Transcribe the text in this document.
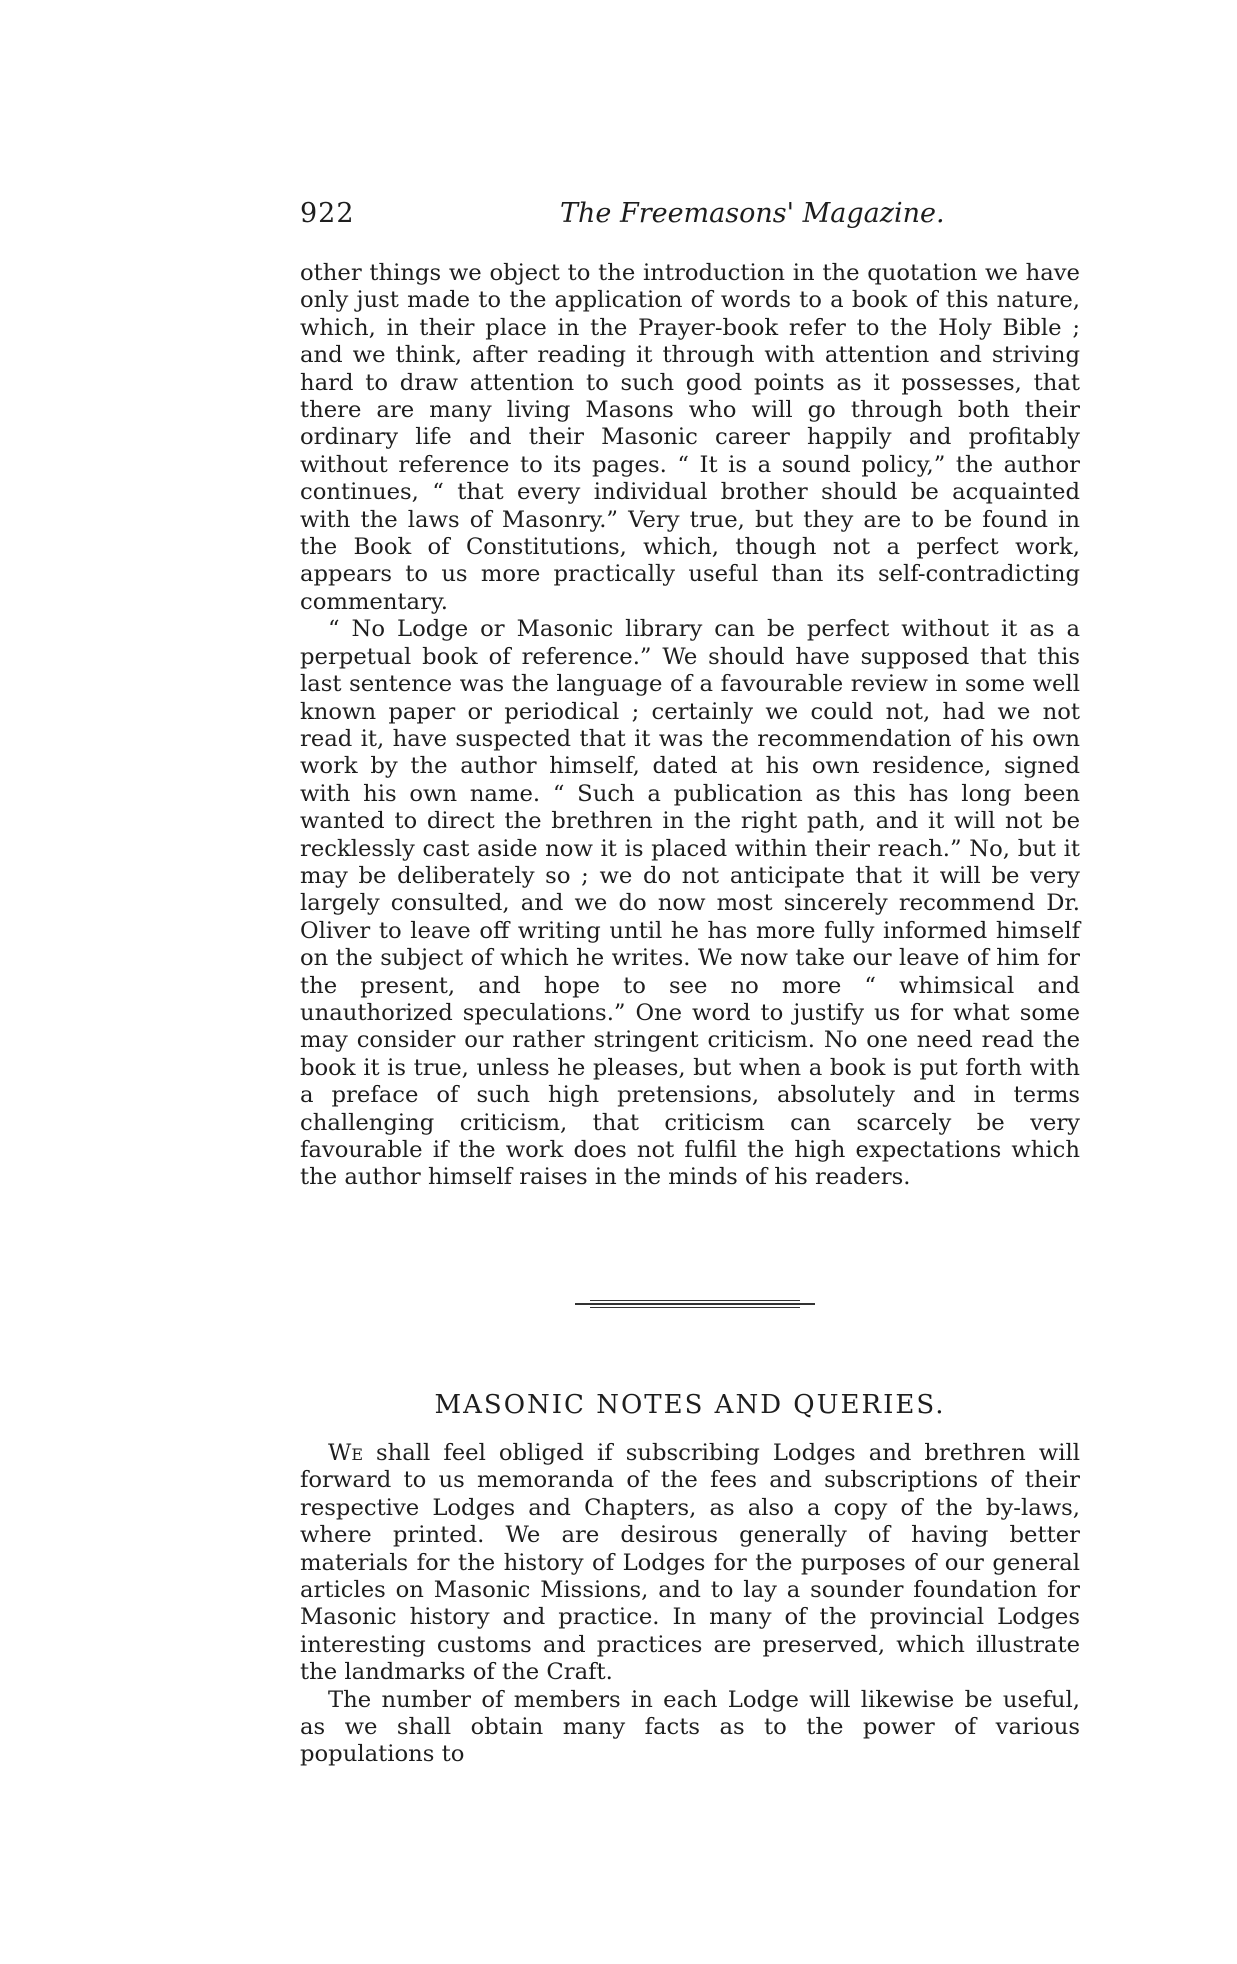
922	The Freemasons' Magazine.

other things we object to the introduction in the quotation we have only just made to the application of words to a book of this nature, which, in their place in the Prayer-book refer to the Holy Bible ; and we think, after reading it through with attention and striving hard to draw attention to such good points as it possesses, that there are many living Masons who will go through both their ordinary life and their Masonic career happily and profitably without reference to its pages. “ It is a sound policy,” the author continues, “ that every individual brother should be acquainted with the laws of Masonry.” Very true, but they are to be found in the Book of Constitutions, which, though not a perfect work, appears to us more practically useful than its self-contradicting commentary.

“ No Lodge or Masonic library can be perfect without it as a perpetual book of reference.” We should have supposed that this last sentence was the language of a favourable review in some well known paper or periodical ; certainly we could not, had we not read it, have suspected that it was the recommendation of his own work by the author himself, dated at his own residence, signed with his own name. “ Such a publication as this has long been wanted to direct the brethren in the right path, and it will not be recklessly cast aside now it is placed within their reach.” No, but it may be deliberately so ; we do not anticipate that it will be very largely consulted, and we do now most sincerely recommend Dr. Oliver to leave off writing until he has more fully informed himself on the subject of which he writes. We now take our leave of him for the present, and hope to see no more “ whimsical and unauthorized speculations.” One word to justify us for what some may consider our rather stringent criticism. No one need read the book it is true, unless he pleases, but when a book is put forth with a preface of such high pretensions, absolutely and in terms challenging criticism, that criticism can scarcely be very favourable if the work does not fulfil the high expectations which the author himself raises in the minds of his readers.

MASONIC NOTES AND QUERIES.

We shall feel obliged if subscribing Lodges and brethren will forward to us memoranda of the fees and subscriptions of their respective Lodges and Chapters, as also a copy of the by-laws, where printed. We are desirous generally of having better materials for the history of Lodges for the purposes of our general articles on Masonic Missions, and to lay a sounder foundation for Masonic history and practice. In many of the provincial Lodges interesting customs and practices are preserved, which illustrate the landmarks of the Craft.

The number of members in each Lodge will likewise be useful, as we shall obtain many facts as to the power of various populations to
